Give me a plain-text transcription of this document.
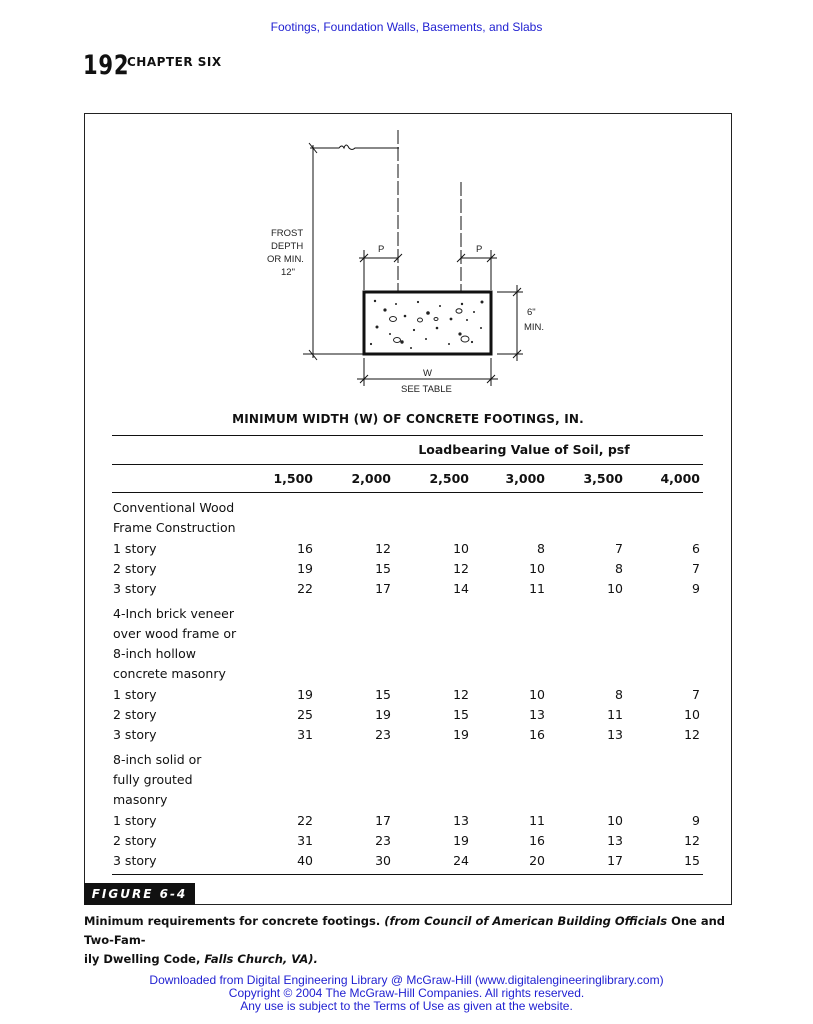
Footings, Foundation Walls, Basements, and Slabs
192
CHAPTER SIX
FROST
DEPTH
OR MIN.
12"
P	P
6"
MIN.
W
SEE TABLE
MINIMUM WIDTH (W) OF CONCRETE FOOTINGS, IN.
Loadbearing Value of Soil, psf
1,500	2,000	2,500	3,000	3,500	4,000
Conventional Wood
Frame Construction
1 story	16	12	10	8	7	6
2 story	19	15	12	10	8	7
3 story	22	17	14	11	10	9
4-Inch brick veneer
over wood frame or
8-inch hollow
concrete masonry
1 story	19	15	12	10	8	7
2 story	25	19	15	13	11	10
3 story	31	23	19	16	13	12
8-inch solid or
fully grouted
masonry
1 story	22	17	13	11	10	9
2 story	31	23	19	16	13	12
3 story	40	30	24	20	17	15
FIGURE 6-4
Minimum requirements for concrete footings. (from Council of American Building Officials One and Two-Fam-
ily Dwelling Code, Falls Church, VA).
Downloaded from Digital Engineering Library @ McGraw-Hill (www.digitalengineeringlibrary.com)
Copyright © 2004 The McGraw-Hill Companies. All rights reserved.
Any use is subject to the Terms of Use as given at the website.
